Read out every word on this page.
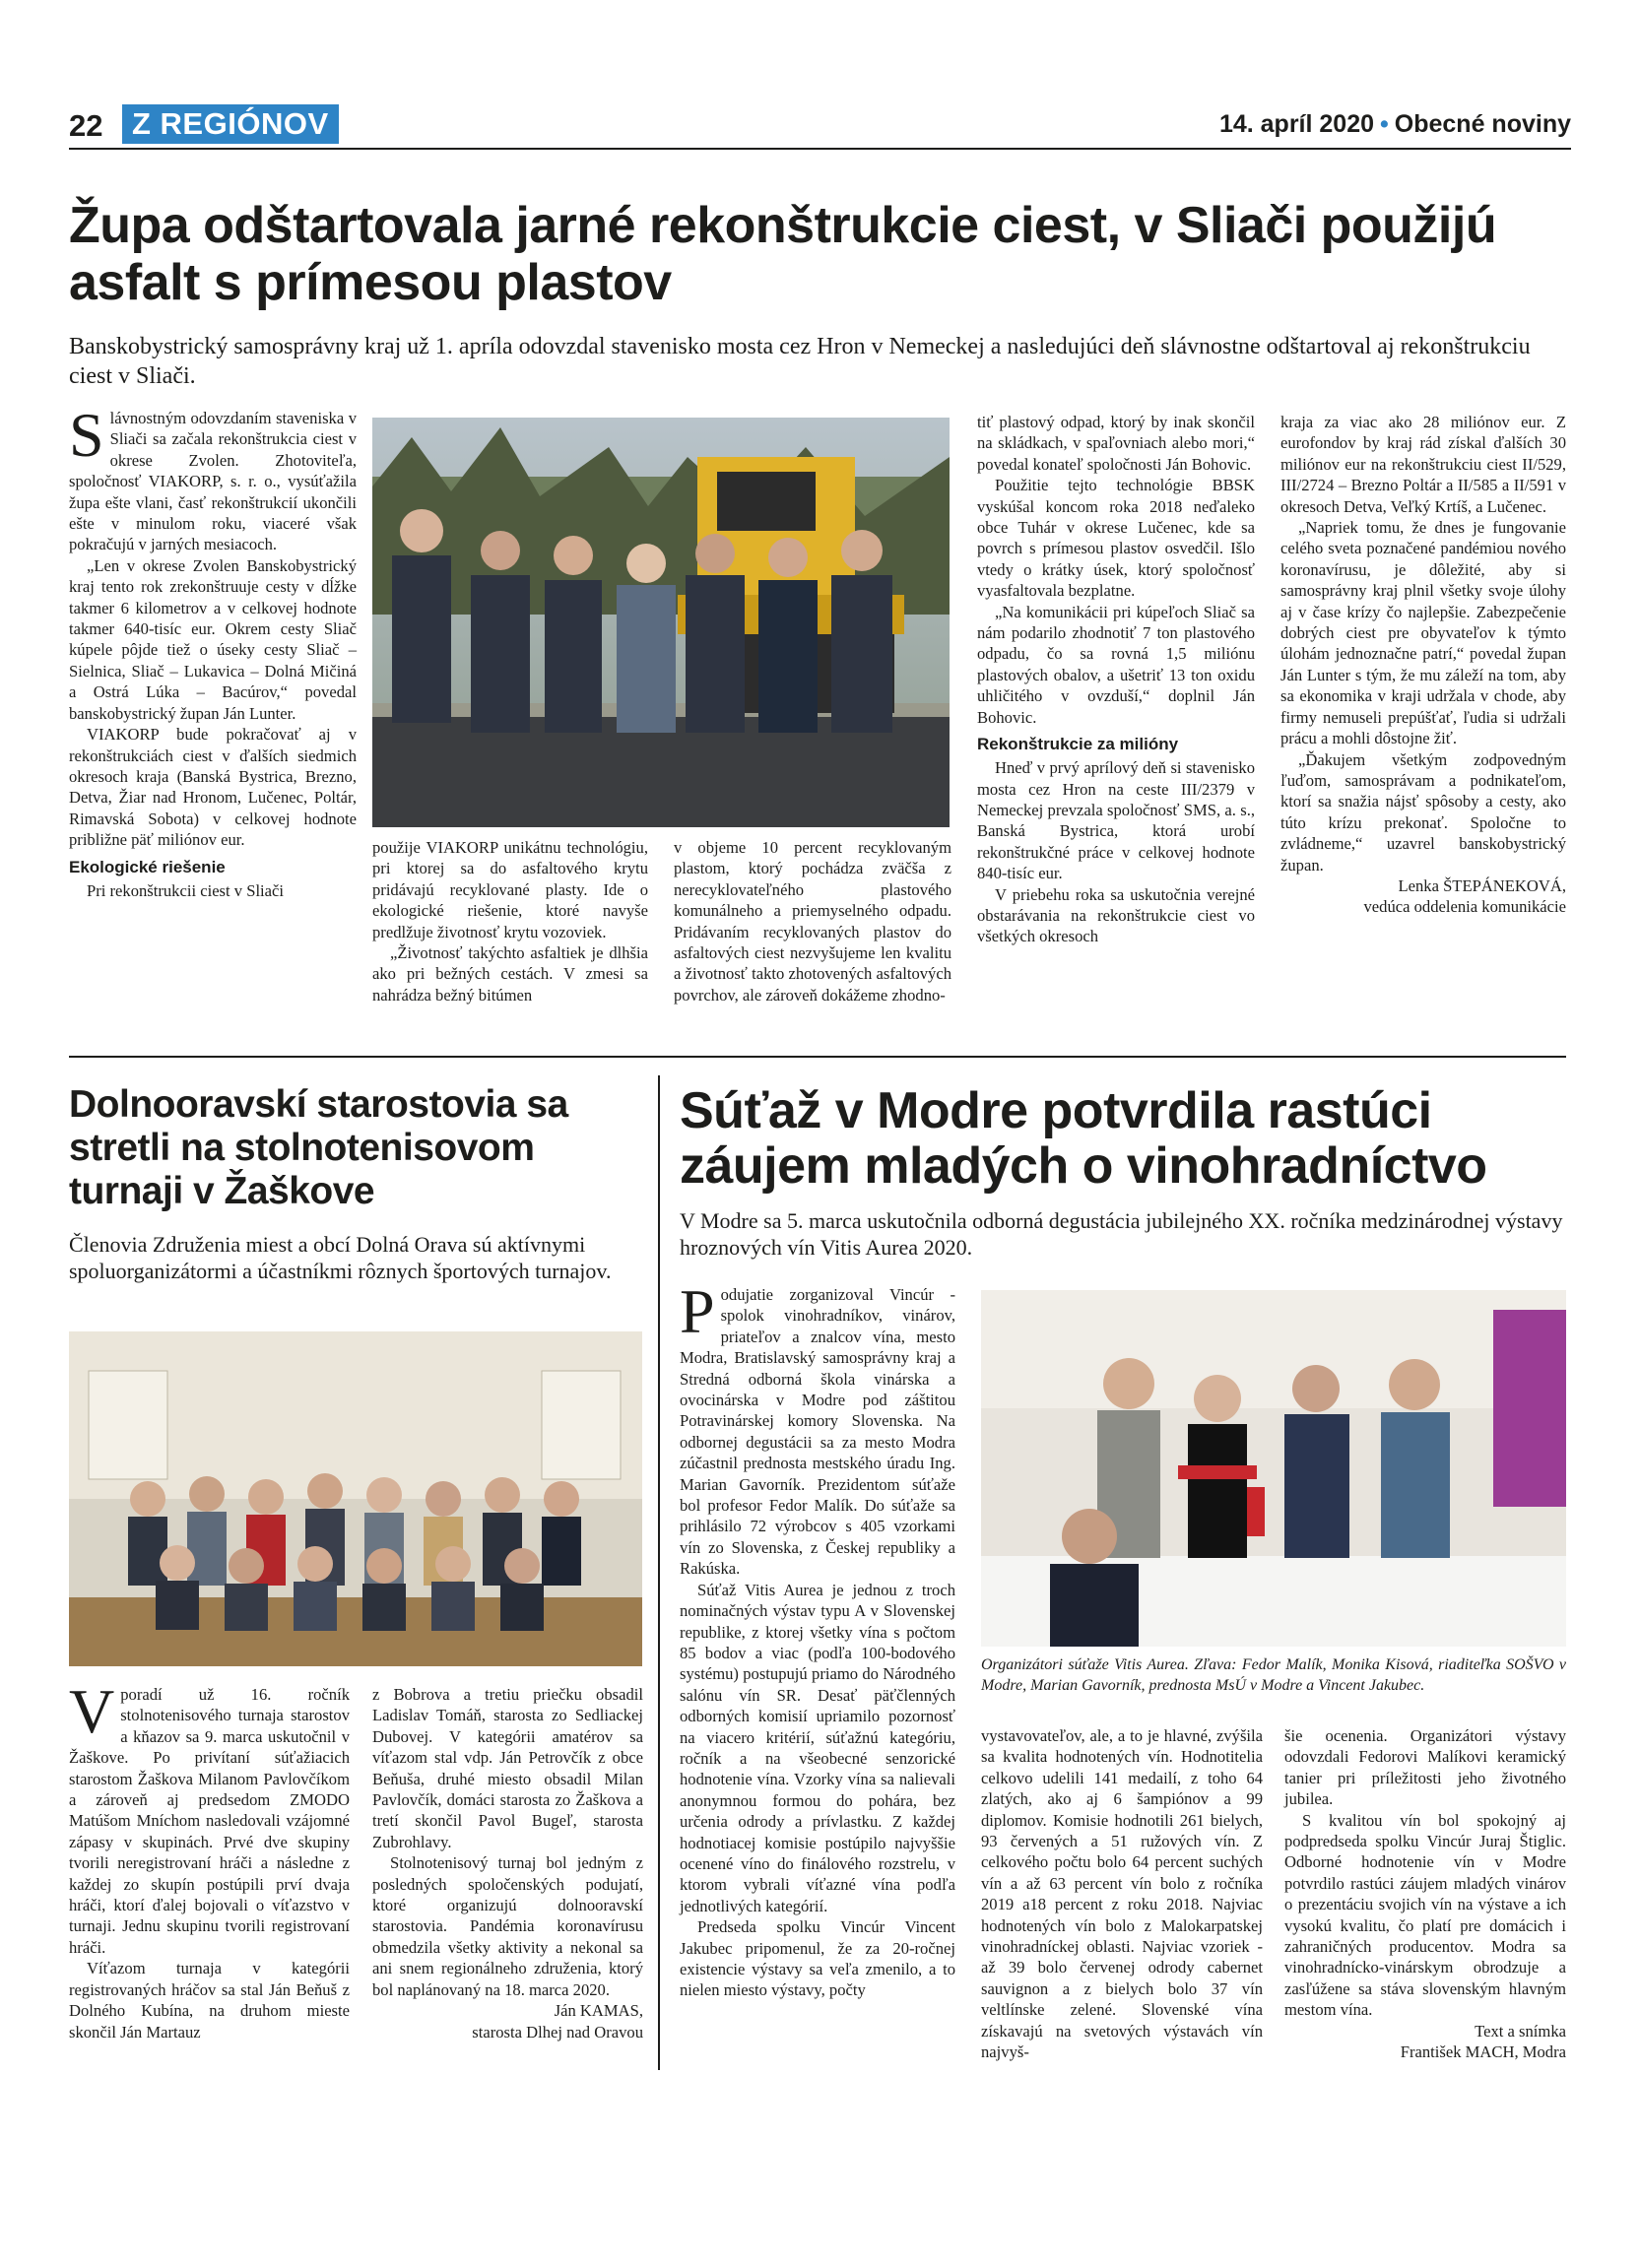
22 Z REGIÓNOV	14. apríl 2020 • Obecné noviny
Župa odštartovala jarné rekonštrukcie ciest, v Sliači použijú asfalt s prímesou plastov
Banskobystrický samosprávny kraj už 1. apríla odovzdal stavenisko mosta cez Hron v Nemeckej a nasledujúci deň slávnostne odštartoval aj rekonštrukciu ciest v Sliači.

Slávnostným odovzdaním staveniska v Sliači sa začala rekonštrukcia ciest v okrese Zvolen. Zhotoviteľa, spoločnosť VIAKORP, s. r. o., vysúťažila župa ešte vlani, časť rekonštrukcií ukončili ešte v minulom roku, viaceré však pokračujú v jarných mesiacoch.

„Len v okrese Zvolen Banskobystrický kraj tento rok zrekonštruuje cesty v dĺžke takmer 6 kilometrov a v celkovej hodnote takmer 640-tisíc eur. Okrem cesty Sliač kúpele pôjde tiež o úseky cesty Sliač – Sielnica, Sliač – Lukavica – Dolná Mičiná a Ostrá Lúka – Bacúrov,“ povedal banskobystrický župan Ján Lunter.

VIAKORP bude pokračovať aj v rekonštrukciách ciest v ďalších siedmich okresoch kraja (Banská Bystrica, Brezno, Detva, Žiar nad Hronom, Lučenec, Poltár, Rimavská Sobota) v celkovej hodnote približne päť miliónov eur.

Ekologické riešenie

Pri rekonštrukcii ciest v Sliači

použije VIAKORP unikátnu technológiu, pri ktorej sa do asfaltového krytu pridávajú recyklované plasty. Ide o ekologické riešenie, ktoré navyše predlžuje životnosť krytu vozoviek.

„Životnosť takýchto asfaltiek je dlhšia ako pri bežných cestách. V zmesi sa nahrádza bežný bitúmen

v objeme 10 percent recyklovaným plastom, ktorý pochádza zväčša z nerecyklovateľného plastového komunálneho a priemyselného odpadu. Pridávaním recyklovaných plastov do asfaltových ciest nezvyšujeme len kvalitu a životnosť takto zhotovených asfaltových povrchov, ale zároveň dokážeme zhodno-

tiť plastový odpad, ktorý by inak skončil na skládkach, v spaľovniach alebo mori,“ povedal konateľ spoločnosti Ján Bohovic.

Použitie tejto technológie BBSK vyskúšal koncom roka 2018 neďaleko obce Tuhár v okrese Lučenec, kde sa povrch s prímesou plastov osvedčil. Išlo vtedy o krátky úsek, ktorý spoločnosť vyasfaltovala bezplatne.

„Na komunikácii pri kúpeľoch Sliač sa nám podarilo zhodnotiť 7 ton plastového odpadu, čo sa rovná 1,5 miliónu plastových obalov, a ušetriť 13 ton oxidu uhličitého v ovzduší,“ doplnil Ján Bohovic.

Rekonštrukcie za milióny

Hneď v prvý aprílový deň si stavenisko mosta cez Hron na ceste III/2379 v Nemeckej prevzala spoločnosť SMS, a. s., Banská Bystrica, ktorá urobí rekonštrukčné práce v celkovej hodnote 840-tisíc eur.

V priebehu roka sa uskutočnia verejné obstarávania na rekonštrukcie ciest vo všetkých okresoch

kraja za viac ako 28 miliónov eur. Z eurofondov by kraj rád získal ďalších 30 miliónov eur na rekonštrukciu ciest II/529, III/2724 – Brezno Poltár a II/585 a II/591 v okresoch Detva, Veľký Krtíš, a Lučenec.

„Napriek tomu, že dnes je fungovanie celého sveta poznačené pandémiou nového koronavírusu, je dôležité, aby si samosprávny kraj plnil všetky svoje úlohy aj v čase krízy čo najlepšie. Zabezpečenie dobrých ciest pre obyvateľov k týmto úlohám jednoznačne patrí,“ povedal župan Ján Lunter s tým, že mu záleží na tom, aby sa ekonomika v kraji udržala v chode, aby firmy nemuseli prepúšťať, ľudia si udržali prácu a mohli dôstojne žiť.

„Ďakujem všetkým zodpovedným ľuďom, samosprávam a podnikateľom, ktorí sa snažia nájsť spôsoby a cesty, ako túto krízu prekonať. Spoločne to zvládneme,“ uzavrel banskobystrický župan.

Lenka ŠTEPÁNEKOVÁ,
vedúca oddelenia komunikácie
Dolnooravskí starostovia sa stretli na stolnotenisovom turnaji v Žaškove
Členovia Združenia miest a obcí Dolná Orava sú aktívnymi spoluorganizátormi a účastníkmi rôznych športových turnajov.

Vporadí už 16. ročník stolnotenisového turnaja starostov a kňazov sa 9. marca uskutočnil v Žaškove. Po privítaní súťažiacich starostom Žaškova Milanom Pavlovčíkom a zároveň aj predsedom ZMODO Matúšom Mníchom nasledovali vzájomné zápasy v skupinách. Prvé dve skupiny tvorili neregistrovaní hráči a následne z každej zo skupín postúpili prví dvaja hráči, ktorí ďalej bojovali o víťazstvo v turnaji. Jednu skupinu tvorili registrovaní hráči.

Víťazom turnaja v kategórii registrovaných hráčov sa stal Ján Beňuš z Dolného Kubína, na druhom mieste skončil Ján Martauz

z Bobrova a tretiu priečku obsadil Ladislav Tomáň, starosta zo Sedliackej Dubovej. V kategórii amatérov sa víťazom stal vdp. Ján Petrovčík z obce Beňuša, druhé miesto obsadil Milan Pavlovčík, domáci starosta zo Žaškova a tretí skončil Pavol Bugeľ, starosta Zubrohlavy.

Stolnotenisový turnaj bol jedným z posledných spoločenských podujatí, ktoré organizujú dolnooravskí starostovia. Pandémia koronavírusu obmedzila všetky aktivity a nekonal sa ani snem regionálneho združenia, ktorý bol naplánovaný na 18. marca 2020.

Ján KAMAS,
starosta Dlhej nad Oravou
Súťaž v Modre potvrdila rastúci záujem mladých o vinohradníctvo
V Modre sa 5. marca uskutočnila odborná degustácia jubilejného XX. ročníka medzinárodnej výstavy hroznových vín Vitis Aurea 2020.

Podujatie zorganizoval Vincúr - spolok vinohradníkov, vinárov, priateľov a znalcov vína, mesto Modra, Bratislavský samosprávny kraj a Stredná odborná škola vinárska a ovocinárska v Modre pod záštitou Potravinárskej komory Slovenska. Na odbornej degustácii sa za mesto Modra zúčastnil prednosta mestského úradu Ing. Marian Gavorník. Prezidentom súťaže bol profesor Fedor Malík. Do súťaže sa prihlásilo 72 výrobcov s 405 vzorkami vín zo Slovenska, z Českej republiky a Rakúska.

Súťaž Vitis Aurea je jednou z troch nominačných výstav typu A v Slovenskej republike, z ktorej všetky vína s počtom 85 bodov a viac (podľa 100-bodového systému) postupujú priamo do Národného salónu vín SR. Desať päťčlenných odborných komisií upriamilo pozornosť na viacero kritérií, súťažnú kategóriu, ročník a na všeobecné senzorické hodnotenie vína. Vzorky vína sa nalievali anonymnou formou do pohára, bez určenia odrody a prívlastku. Z každej hodnotiacej komisie postúpilo najvyššie ocenené víno do finálového rozstrelu, v ktorom vybrali víťazné vína podľa jednotlivých kategórií.

Predseda spolku Vincúr Vincent Jakubec pripomenul, že za 20-ročnej existencie výstavy sa veľa zmenilo, a to nielen miesto výstavy, počty

Organizátori súťaže Vitis Aurea. Zľava: Fedor Malík, Monika Kisová, riaditeľka SOŠVO v Modre, Marian Gavorník, prednosta MsÚ v Modre a Vincent Jakubec.

vystavovateľov, ale, a to je hlavné, zvýšila sa kvalita hodnotených vín. Hodnotitelia celkovo udelili 141 medailí, z toho 64 zlatých, ako aj 6 šampiónov a 99 diplomov. Komisie hodnotili 261 bielych, 93 červených a 51 ružových vín. Z celkového počtu bolo 64 percent suchých vín a až 63 percent vín bolo z ročníka 2019 a18 percent z roku 2018. Najviac hodnotených vín bolo z Malokarpatskej vinohradníckej oblasti. Najviac vzoriek - až 39 bolo červenej odrody cabernet sauvignon a z bielych bolo 37 vín veltlínske zelené. Slovenské vína získavajú na svetových výstavách vín najvyš-

šie ocenenia. Organizátori výstavy odovzdali Fedorovi Malíkovi keramický tanier pri príležitosti jeho životného jubilea.

S kvalitou vín bol spokojný aj podpredseda spolku Vincúr Juraj Štiglic. Odborné hodnotenie vín v Modre potvrdilo rastúci záujem mladých vinárov o prezentáciu svojich vín na výstave a ich vysokú kvalitu, čo platí pre domácich i zahraničných producentov. Modra sa vinohradnícko-vinárskym obrodzuje a zasľúžene sa stáva slovenským hlavným mestom vína.

Text a snímka
František MACH, Modra
